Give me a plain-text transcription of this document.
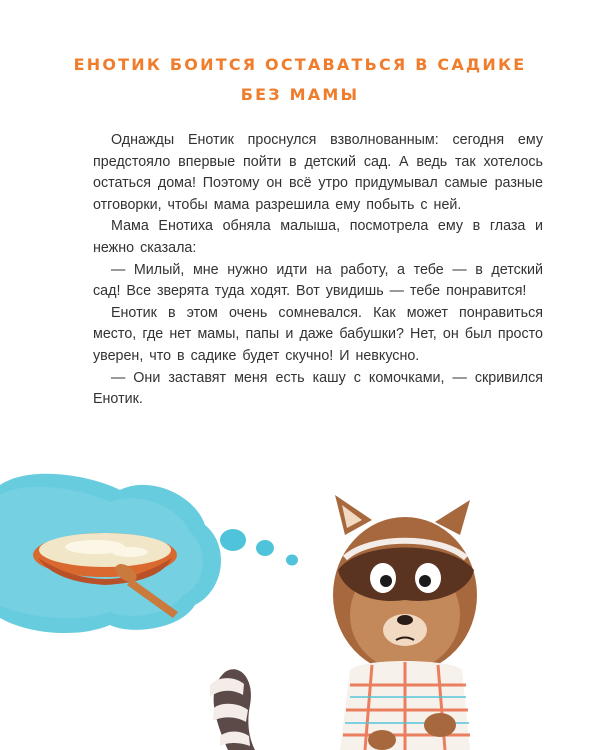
ЕНОТИК БОИТСЯ ОСТАВАТЬСЯ В САДИКЕ
БЕЗ МАМЫ

Однажды Енотик проснулся взволнованным: сегодня ему предстояло впервые пойти в детский сад. А ведь так хотелось остаться дома! Поэтому он всё утро придумывал самые разные отговорки, чтобы мама разрешила ему побыть с ней.

Мама Енотиха обняла малыша, посмотрела ему в глаза и нежно сказала:

— Милый, мне нужно идти на работу, а тебе — в детский сад! Все зверята туда ходят. Вот увидишь — тебе понравится!

Енотик в этом очень сомневался. Как может понравиться место, где нет мамы, папы и даже бабушки? Нет, он был просто уверен, что в садике будет скучно! И невкусно.

— Они заставят меня есть кашу с комочками, — скривился Енотик.
